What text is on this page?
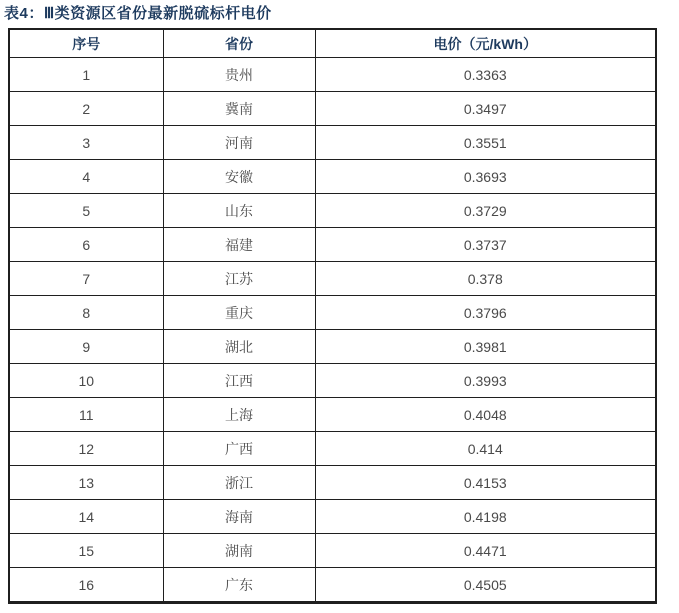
表4：Ⅲ类资源区省份最新脱硫标杆电价
序号	省份	电价（元/kWh）
1	贵州	0.3363
2	冀南	0.3497
3	河南	0.3551
4	安徽	0.3693
5	山东	0.3729
6	福建	0.3737
7	江苏	0.378
8	重庆	0.3796
9	湖北	0.3981
10	江西	0.3993
11	上海	0.4048
12	广西	0.414
13	浙江	0.4153
14	海南	0.4198
15	湖南	0.4471
16	广东	0.4505
